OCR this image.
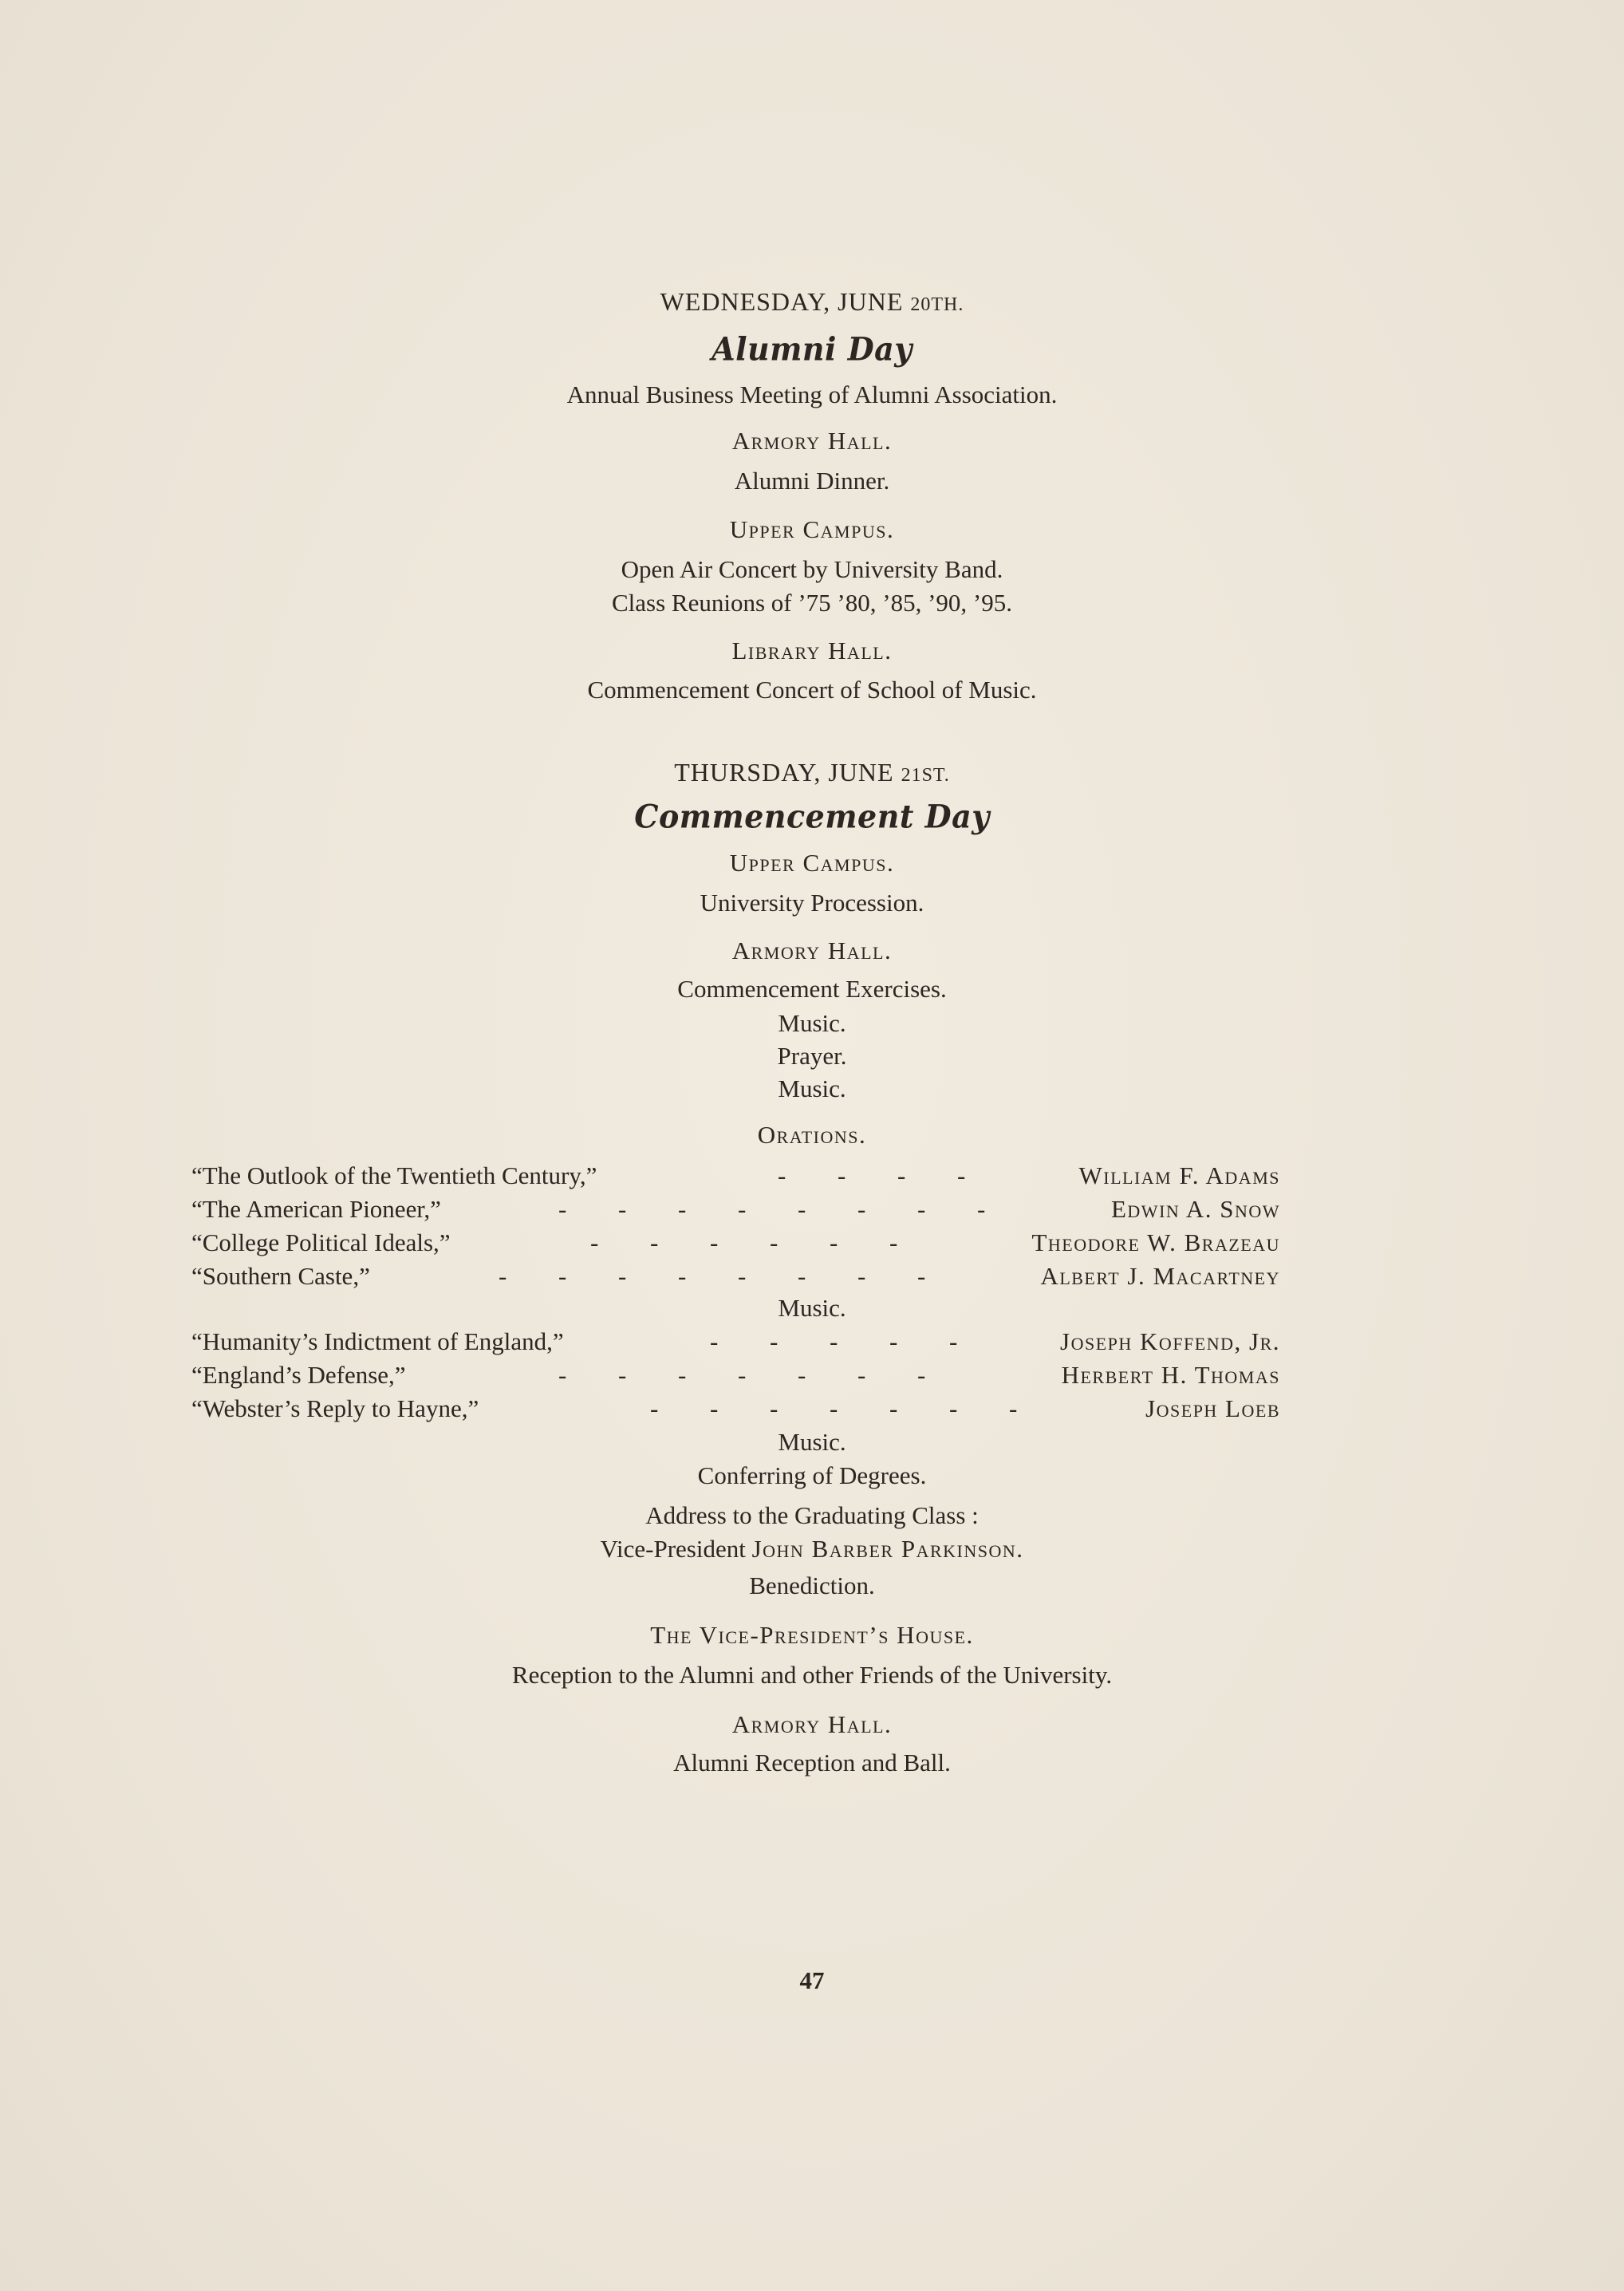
WEDNESDAY, JUNE 20TH.
Alumni Day
Annual Business Meeting of Alumni Association.
Armory Hall.
Alumni Dinner.
Upper Campus.
Open Air Concert by University Band.
Class Reunions of ’75 ’80, ’85, ’90, ’95.
Library Hall.
Commencement Concert of School of Music.
THURSDAY, JUNE 21ST.
Commencement Day
Upper Campus.
University Procession.
Armory Hall.
Commencement Exercises.
Music.
Prayer.
Music.
Orations.
“The Outlook of the Twentieth Century,”	- - - -	William F. Adams
“The American Pioneer,”	- - - - - - - -	Edwin A. Snow
“College Political Ideals,”	- - - - - -	Theodore W. Brazeau
“Southern Caste,”	- - - - - - - -	Albert J. Macartney
Music.
“Humanity’s Indictment of England,”	- - - - -	Joseph Koffend, Jr.
“England’s Defense,”	- - - - - - -	Herbert H. Thomas
“Webster’s Reply to Hayne,”	- - - - - - -	Joseph Loeb
Music.
Conferring of Degrees.
Address to the Graduating Class :
Vice-President John Barber Parkinson.
Benediction.
The Vice-President’s House.
Reception to the Alumni and other Friends of the University.
Armory Hall.
Alumni Reception and Ball.
47
